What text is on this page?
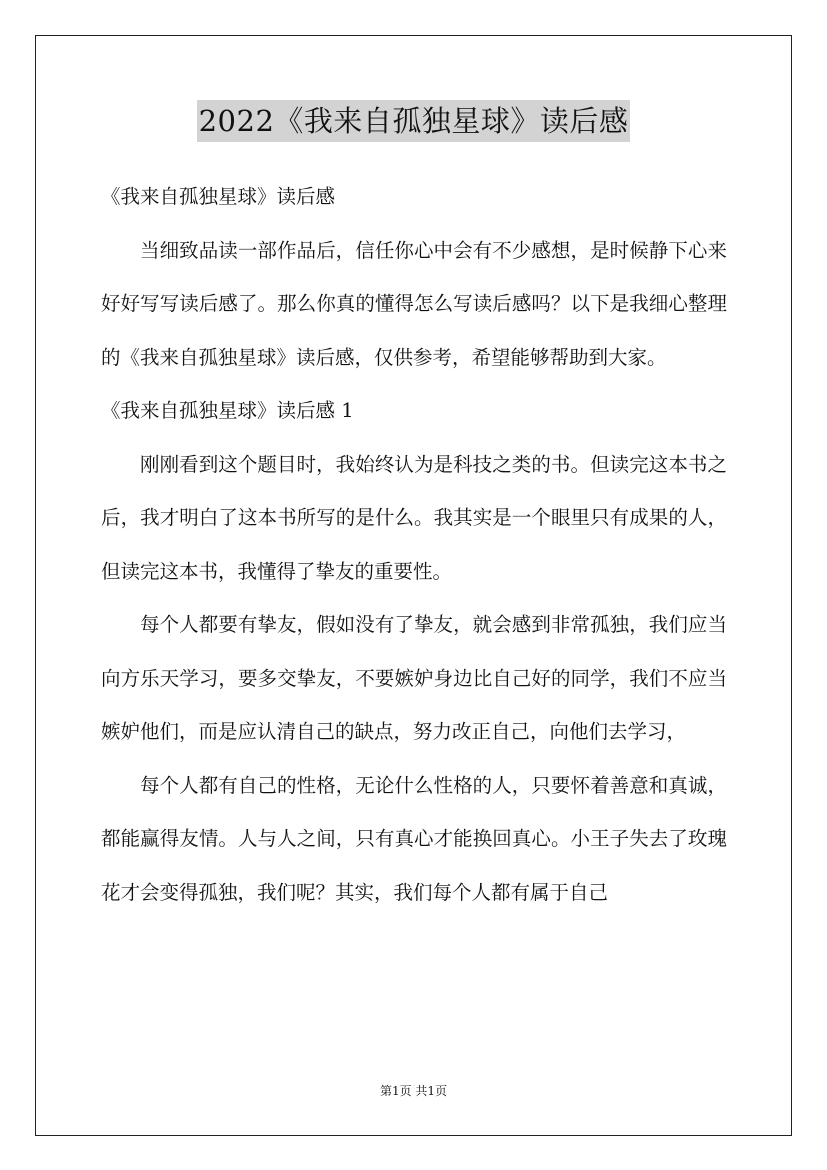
2022《我来自孤独星球》读后感

《我来自孤独星球》读后感

当细致品读一部作品后，信任你心中会有不少感想，是时候静下心来好好写写读后感了。那么你真的懂得怎么写读后感吗？以下是我细心整理的《我来自孤独星球》读后感，仅供参考，希望能够帮助到大家。

《我来自孤独星球》读后感 1

刚刚看到这个题目时，我始终认为是科技之类的书。但读完这本书之后，我才明白了这本书所写的是什么。我其实是一个眼里只有成果的人，但读完这本书，我懂得了挚友的重要性。

每个人都要有挚友，假如没有了挚友，就会感到非常孤独，我们应当向方乐天学习，要多交挚友，不要嫉妒身边比自己好的同学，我们不应当嫉妒他们，而是应认清自己的缺点，努力改正自己，向他们去学习，

每个人都有自己的性格，无论什么性格的人，只要怀着善意和真诚，都能赢得友情。人与人之间，只有真心才能换回真心。小王子失去了玫瑰花才会变得孤独，我们呢？其实，我们每个人都有属于自己

第1页 共1页
